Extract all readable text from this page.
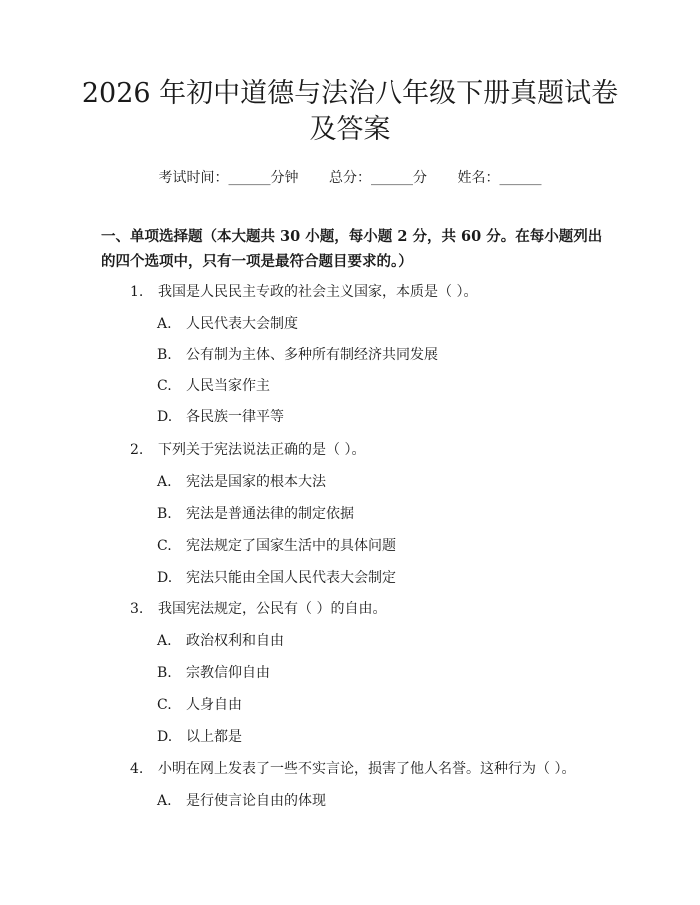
2026 年初中道德与法治八年级下册真题试卷及答案
考试时间：______分钟 总分：______分 姓名：______

一、单项选择题（本大题共 30 小题，每小题 2 分，共 60 分。在每小题列出的四个选项中，只有一项是最符合题目要求的。）

1. 我国是人民民主专政的社会主义国家，本质是（ ）。
A. 人民代表大会制度
B. 公有制为主体、多种所有制经济共同发展
C. 人民当家作主
D. 各民族一律平等
2. 下列关于宪法说法正确的是（ ）。
A. 宪法是国家的根本大法
B. 宪法是普通法律的制定依据
C. 宪法规定了国家生活中的具体问题
D. 宪法只能由全国人民代表大会制定
3. 我国宪法规定，公民有（ ）的自由。
A. 政治权利和自由
B. 宗教信仰自由
C. 人身自由
D. 以上都是
4. 小明在网上发表了一些不实言论，损害了他人名誉。这种行为（ ）。
A. 是行使言论自由的体现
